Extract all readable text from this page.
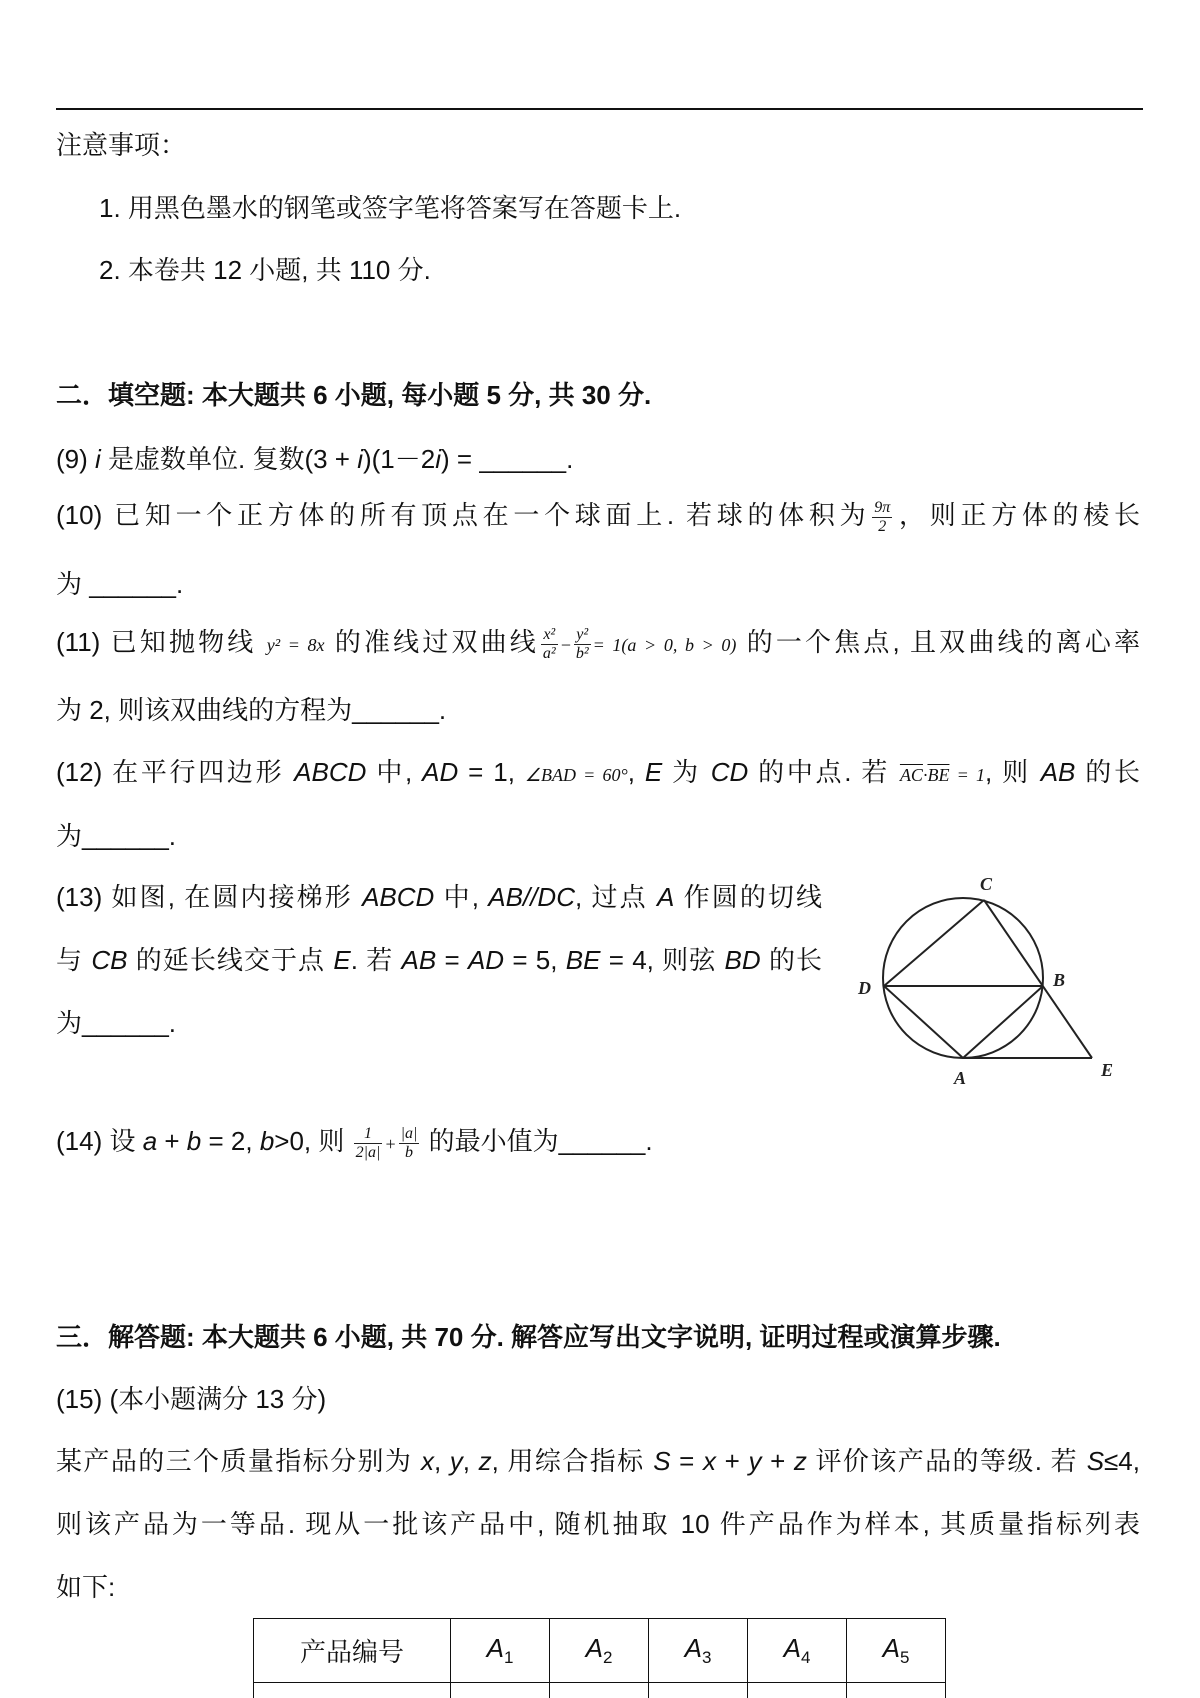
注意事项：
1. 用黑色墨水的钢笔或签字笔将答案写在答题卡上.
2. 本卷共 12 小题, 共 110 分.
二．填空题: 本大题共 6 小题, 每小题 5 分, 共 30 分.
(9) i 是虚数单位. 复数(3 + i)(1－2i) = ______.
(10) 已知一个正方体的所有顶点在一个球面上. 若球的体积为 $\frac{9\pi}{2}$ ，则正方体的棱长
为 ______.
(11) 已知抛物线 y² = 8x 的准线过双曲线 $\frac{\text{x²}}{\text{a²}} - \frac{\text{y²}}{\text{b²}} = 1(a > 0$, b > 0) 的一个焦点, 且双曲线的离心率
为 2, 则该双曲线的方程为______.
(12) 在平行四边形 ABCD 中, AD = 1, ∠BAD = 60°, E 为 CD 的中点. 若 $\overline{AC}\cdot\overline{BE} = 1$, 则 AB 的长
为______.
(13) 如图, 在圆内接梯形 ABCD 中, AB//DC, 过点 A 作圆的切线
与 CB 的延长线交于点 E. 若 AB = AD = 5, BE = 4, 则弦 BD 的长
为______.
C
D	B
A	E
(14) 设 a + b = 2, b>0, 则 $\frac{1}{2|a|} + \frac{|a|}{b}$ 的最小值为______.
三．解答题: 本大题共 6 小题, 共 70 分. 解答应写出文字说明, 证明过程或演算步骤.
(15) (本小题满分 13 分)
某产品的三个质量指标分别为 x, y, z, 用综合指标 S = x + y + z 评价该产品的等级. 若 S≤4,
则该产品为一等品. 现从一批该产品中, 随机抽取 10 件产品作为样本, 其质量指标列表
如下:
产品编号	$A_1$	$A_2$	$A_3$	$A_4$	$A_5$
